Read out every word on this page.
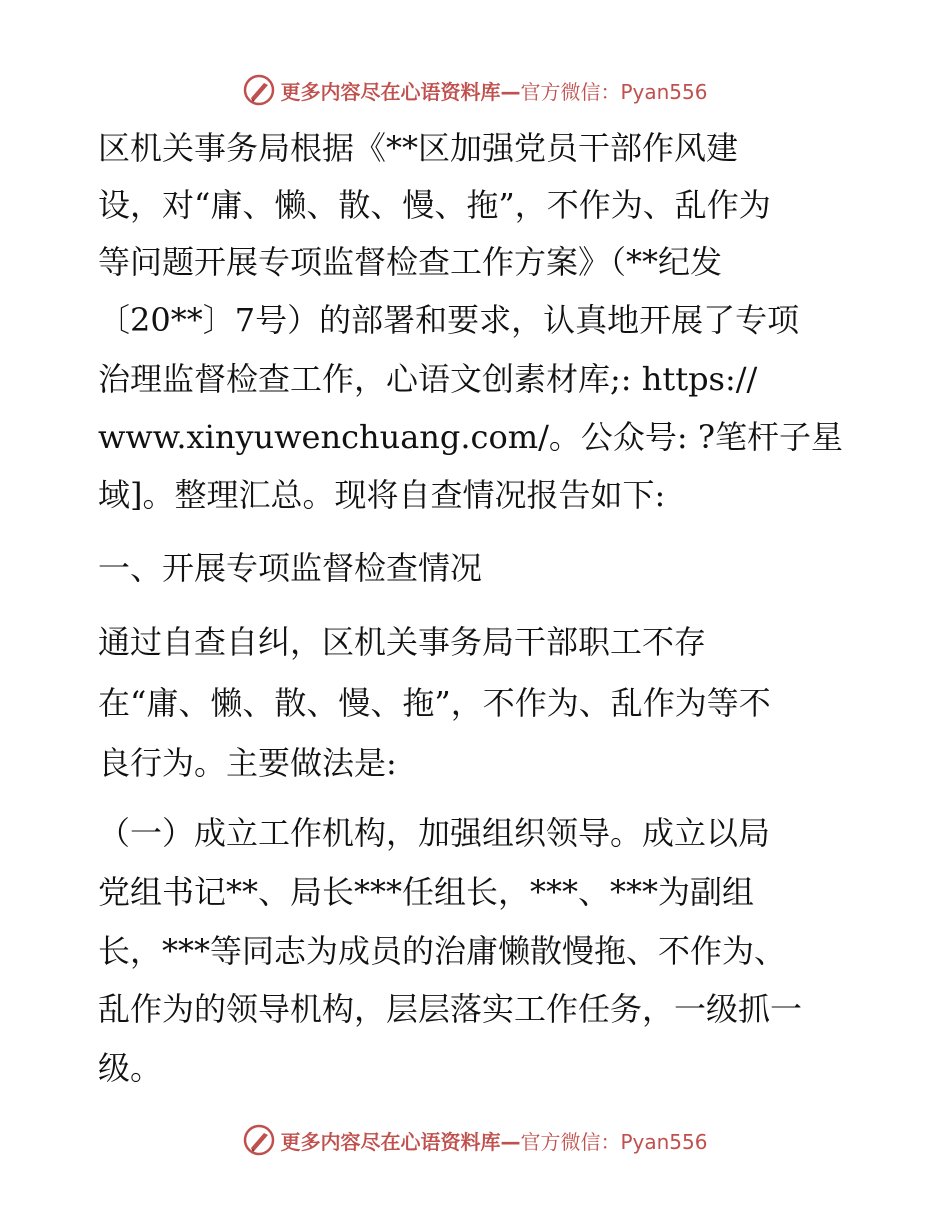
更多内容尽在心语资料库— 官方微信：Pyan556
区机关事务局根据《**区加强党员干部作风建
设，对“庸、懒、散、慢、拖”，不作为、乱作为
等问题开展专项监督检查工作方案》（**纪发
〔20**〕7号）的部署和要求，认真地开展了专项
治理监督检查工作，心语文创素材库;: https://
www.xinyuwenchuang.com/。公众号: ?笔杆子星
域]。整理汇总。现将自查情况报告如下:
一、开展专项监督检查情况
通过自查自纠，区机关事务局干部职工不存
在“庸、懒、散、慢、拖”，不作为、乱作为等不
良行为。主要做法是:
（一）成立工作机构，加强组织领导。成立以局
党组书记**、局长***任组长，***、***为副组
长，***等同志为成员的治庸懒散慢拖、不作为、
乱作为的领导机构，层层落实工作任务，一级抓一
级。
更多内容尽在心语资料库— 官方微信：Pyan556
